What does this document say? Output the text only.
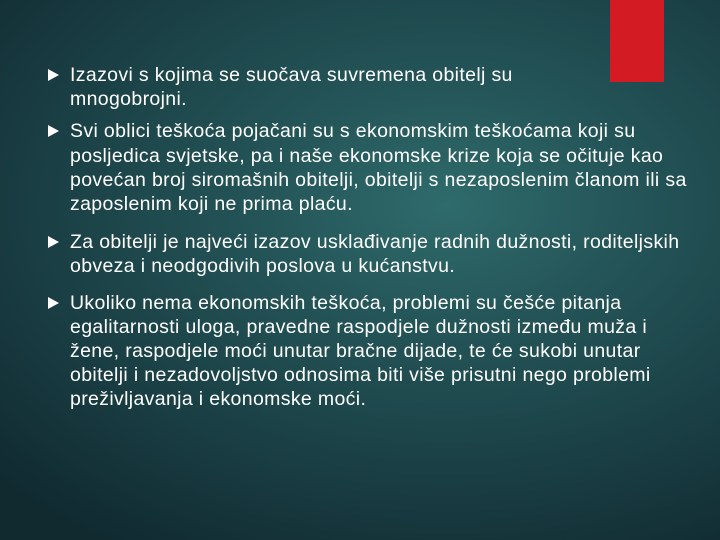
Izazovi s kojima se suočava suvremena obitelj su mnogobrojni.
Svi oblici teškoća pojačani su s ekonomskim teškoćama koji su posljedica svjetske, pa i naše ekonomske krize koja se očituje kao povećan broj siromašnih obitelji, obitelji s nezaposlenim članom ili sa zaposlenim koji ne prima plaću.
Za obitelji je najveći izazov usklađivanje radnih dužnosti, roditeljskih obveza i neodgodivih poslova u kućanstvu.
Ukoliko nema ekonomskih teškoća, problemi su češće pitanja egalitarnosti uloga, pravedne raspodjele dužnosti između muža i žene, raspodjele moći unutar bračne dijade, te će sukobi unutar obitelji i nezadovoljstvo odnosima biti više prisutni nego problemi preživljavanja i ekonomske moći.
